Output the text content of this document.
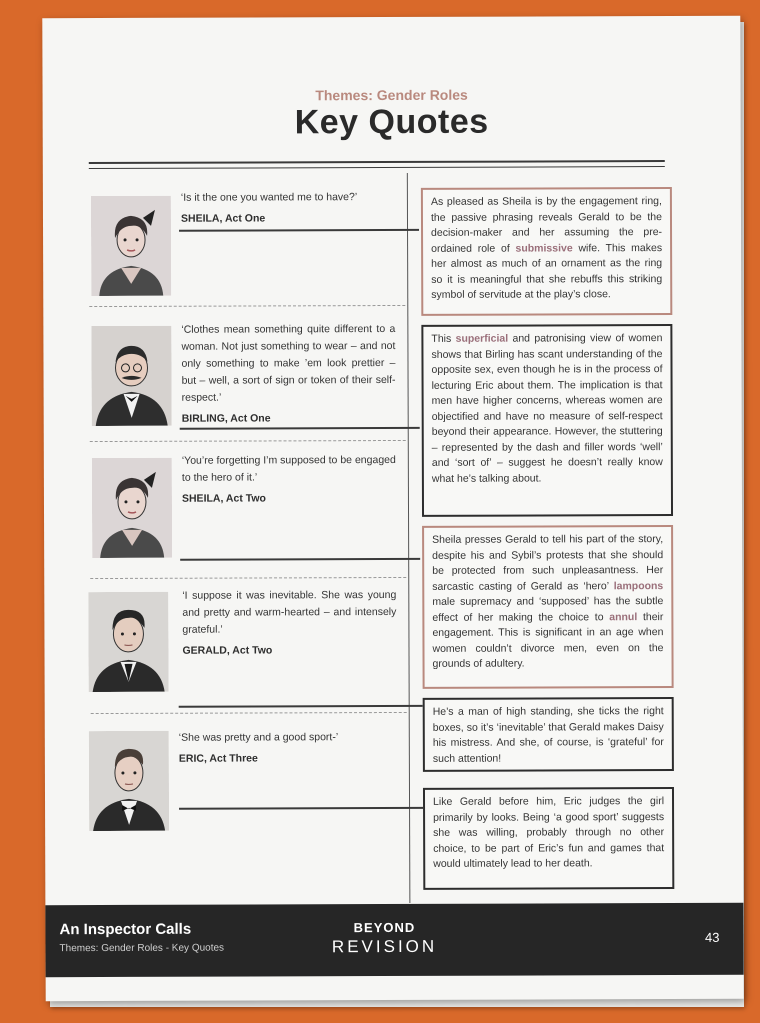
Themes: Gender Roles
Key Quotes
‘Is it the one you wanted me to have?’
SHEILA, Act One
As pleased as Sheila is by the engagement ring, the passive phrasing reveals Gerald to be the decision-maker and her assuming the pre-ordained role of submissive wife. This makes her almost as much of an ornament as the ring so it is meaningful that she rebuffs this striking symbol of servitude at the play’s close.
‘Clothes mean something quite different to a woman. Not just something to wear – and not only something to make ’em look prettier – but – well, a sort of sign or token of their self-respect.’
BIRLING, Act One
This superficial and patronising view of women shows that Birling has scant understanding of the opposite sex, even though he is in the process of lecturing Eric about them. The implication is that men have higher concerns, whereas women are objectified and have no measure of self-respect beyond their appearance. However, the stuttering – represented by the dash and filler words ‘well’ and ‘sort of’ – suggest he doesn’t really know what he’s talking about.
‘You’re forgetting I’m supposed to be engaged to the hero of it.’
SHEILA, Act Two
Sheila presses Gerald to tell his part of the story, despite his and Sybil’s protests that she should be protected from such unpleasantness. Her sarcastic casting of Gerald as ‘hero’ lampoons male supremacy and ‘supposed’ has the subtle effect of her making the choice to annul their engagement. This is significant in an age when women couldn’t divorce men, even on the grounds of adultery.
‘I suppose it was inevitable. She was young and pretty and warm-hearted – and intensely grateful.’
GERALD, Act Two
He’s a man of high standing, she ticks the right boxes, so it’s ‘inevitable’ that Gerald makes Daisy his mistress. And she, of course, is ‘grateful’ for such attention!
‘She was pretty and a good sport-’
ERIC, Act Three
Like Gerald before him, Eric judges the girl primarily by looks. Being ‘a good sport’ suggests she was willing, probably through no other choice, to be part of Eric’s fun and games that would ultimately lead to her death.
An Inspector Calls
Themes: Gender Roles - Key Quotes
BEYOND
REVISION	43
